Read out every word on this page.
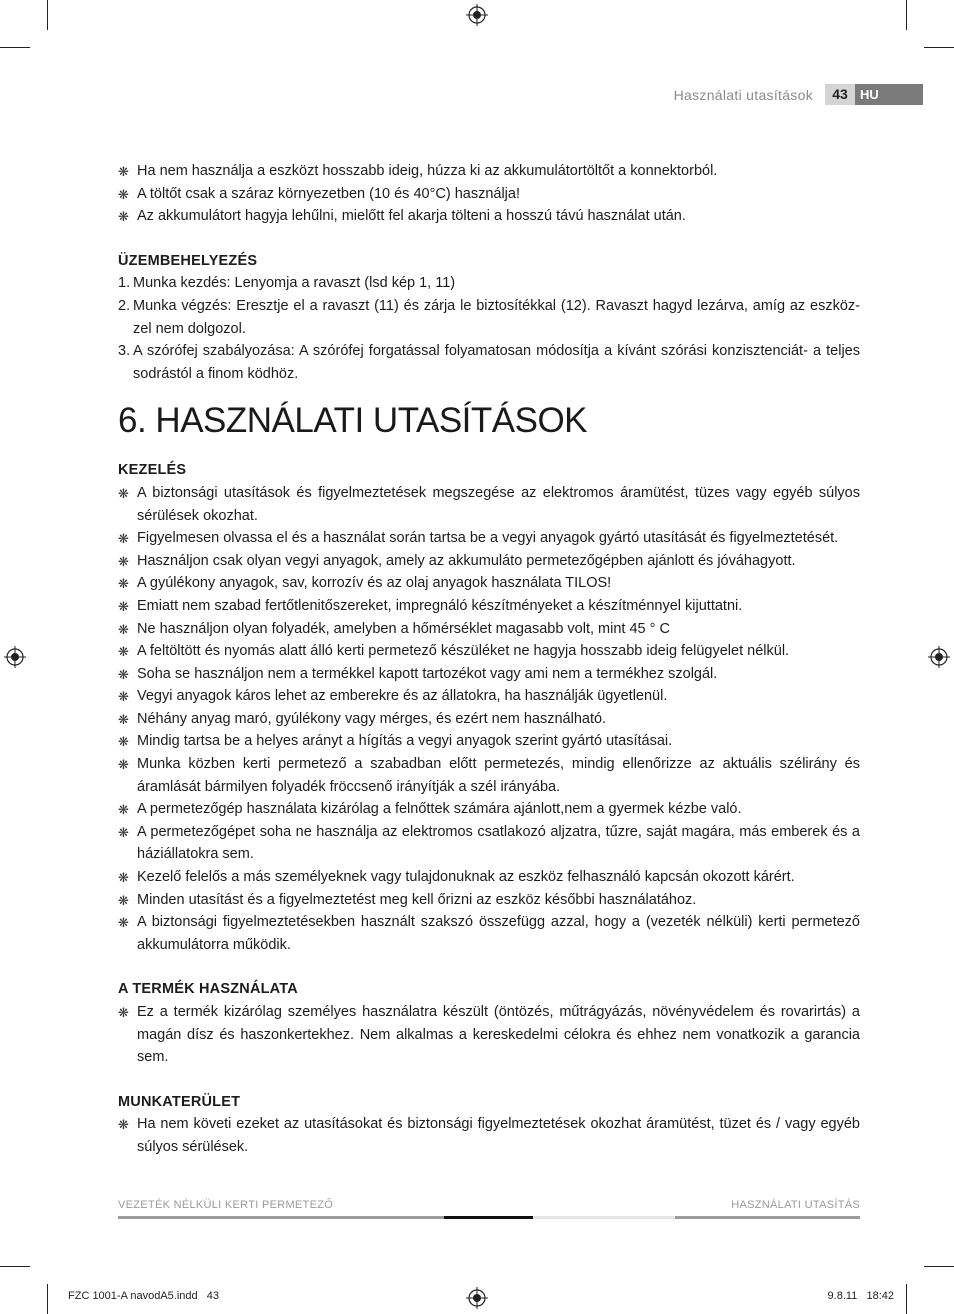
Használati utasítások	43 HU
❋ Ha nem használja a eszközt hosszabb ideig, húzza ki az akkumulátortöltőt a konnektorból.
❋ A töltőt csak a száraz környezetben (10 és 40°C) használja!
❋ Az akkumulátort hagyja lehűlni, mielőtt fel akarja tölteni a hosszú távú használat után.
ÜZEMBEHELYEZÉS
1. Munka kezdés: Lenyomja a ravaszt (lsd kép 1, 11)
2. Munka végzés: Eresztje el a ravaszt (11) és zárja le biztosítékkal (12). Ravaszt hagyd lezárva, amíg az eszköz-zel nem dolgozol.
3. A szórófej szabályozása: A szórófej forgatással folyamatosan módosítja a kívánt szórási konzisztenciát- a teljes sodrástól a finom ködhöz.
6. HASZNÁLATI UTASÍTÁSOK
KEZELÉS
❋ A biztonsági utasítások és figyelmeztetések megszegése az elektromos áramütést, tüzes vagy egyéb súlyos sérülések okozhat.
❋ Figyelmesen olvassa el és a használat során tartsa be a vegyi anyagok gyártó utasítását és figyelmeztetését.
❋ Használjon csak olyan vegyi anyagok, amely az akkumuláto permetezőgépben ajánlott és jóváhagyott.
❋ A gyúlékony anyagok, sav, korrozív és az olaj anyagok használata TILOS!
❋ Emiatt nem szabad fertőtlenitőszereket, impregnáló készítményeket a készítménnyel kijuttatni.
❋ Ne használjon olyan folyadék, amelyben a hőmérséklet magasabb volt, mint 45 ° C
❋ A feltöltött és nyomás alatt álló kerti permetező készüléket ne hagyja hosszabb ideig felügyelet nélkül.
❋ Soha se használjon nem a termékkel kapott tartozékot vagy ami nem a termékhez szolgál.
❋ Vegyi anyagok káros lehet az emberekre és az állatokra, ha használják ügyetlenül.
❋ Néhány anyag maró, gyúlékony vagy mérges, és ezért nem használható.
❋ Mindig tartsa be a helyes arányt a hígítás a vegyi anyagok szerint gyártó utasításai.
❋ Munka közben kerti permetező a szabadban előtt permetezés, mindig ellenőrizze az aktuális szélirány és áramlását bármilyen folyadék fröccsenő irányítják a szél irányába.
❋ A permetezőgép használata kizárólag a felnőttek számára ajánlott,nem a gyermek kézbe való.
❋ A permetezőgépet soha ne használja az elektromos csatlakozó aljzatra, tűzre, saját magára, más emberek és a háziállatokra sem.
❋ Kezelő felelős a más személyeknek vagy tulajdonuknak az eszköz felhasználó kapcsán okozott kárért.
❋ Minden utasítást és a figyelmeztetést meg kell őrizni az eszköz későbbi használatához.
❋ A biztonsági figyelmeztetésekben használt szakszó összefügg azzal, hogy a (vezeték nélküli) kerti permetező akkumulátorra működik.
A TERMÉK HASZNÁLATA
❋ Ez a termék kizárólag személyes használatra készült (öntözés, műtrágyázás, növényvédelem és rovarirtás) a magán dísz és haszonkertekhez. Nem alkalmas a kereskedelmi célokra és ehhez nem vonatkozik a garancia sem.
MUNKATERÜLET
❋ Ha nem követi ezeket az utasításokat és biztonsági figyelmeztetések okozhat áramütést, tüzet és / vagy egyéb súlyos sérülések.
VEZETÉK NÉLKÜLI KERTI PERMETEZŐ	HASZNÁLATI UTASÍTÁS
FZC 1001-A navodA5.indd   43	9.8.11   18:42
